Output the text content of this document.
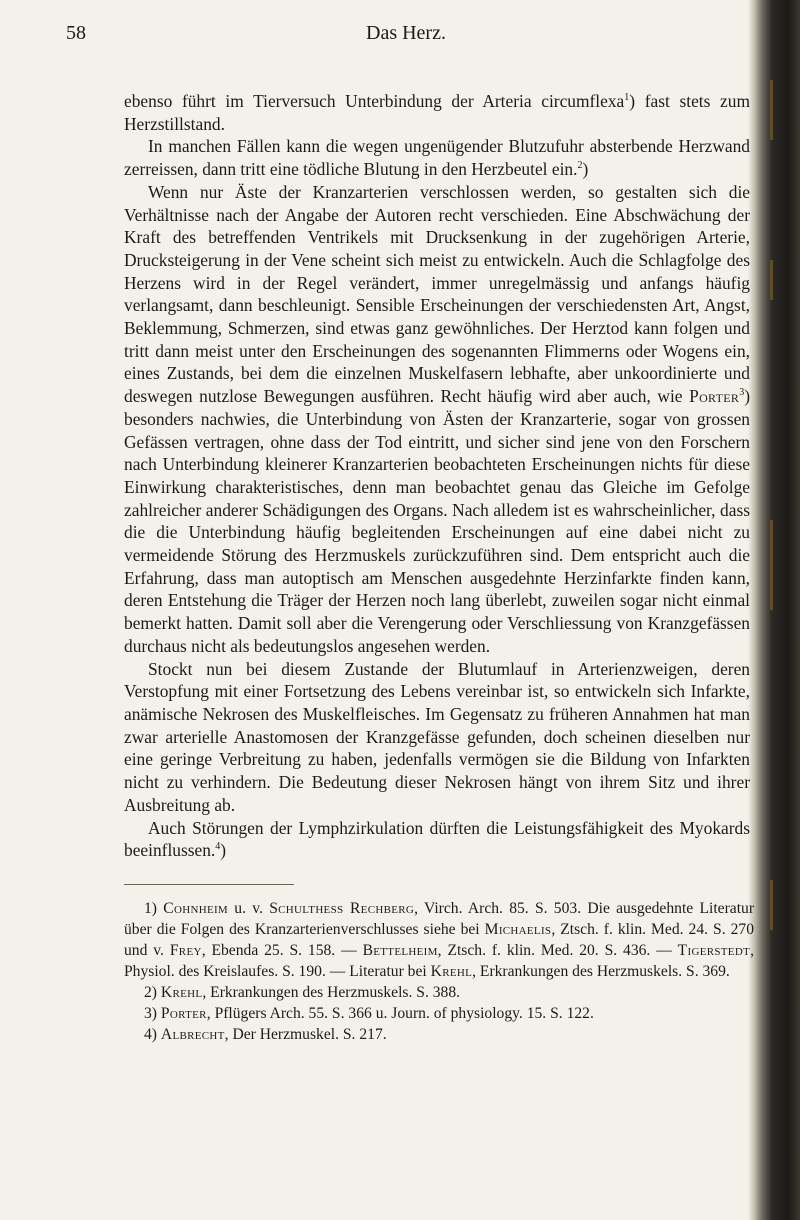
58	Das Herz.

ebenso führt im Tierversuch Unterbindung der Arteria circumflexa$^1$) fast stets zum Herzstillstand.

In manchen Fällen kann die wegen ungenügender Blutzufuhr absterbende Herzwand zerreissen, dann tritt eine tödliche Blutung in den Herzbeutel ein.$^2$)

Wenn nur Äste der Kranzarterien verschlossen werden, so gestalten sich die Verhältnisse nach der Angabe der Autoren recht verschieden. Eine Abschwächung der Kraft des betreffenden Ventrikels mit Drucksenkung in der zugehörigen Arterie, Drucksteigerung in der Vene scheint sich meist zu entwickeln. Auch die Schlagfolge des Herzens wird in der Regel verändert, immer unregelmässig und anfangs häufig verlangsamt, dann beschleunigt. Sensible Erscheinungen der verschiedensten Art, Angst, Beklemmung, Schmerzen, sind etwas ganz gewöhnliches. Der Herztod kann folgen und tritt dann meist unter den Erscheinungen des sogenannten Flimmerns oder Wogens ein, eines Zustands, bei dem die einzelnen Muskelfasern lebhafte, aber unkoordinierte und deswegen nutzlose Bewegungen ausführen. Recht häufig wird aber auch, wie Porter$^3$) besonders nachwies, die Unterbindung von Ästen der Kranzarterie, sogar von grossen Gefässen vertragen, ohne dass der Tod eintritt, und sicher sind jene von den Forschern nach Unterbindung kleinerer Kranzarterien beobachteten Erscheinungen nichts für diese Einwirkung charakteristisches, denn man beobachtet genau das Gleiche im Gefolge zahlreicher anderer Schädigungen des Organs. Nach alledem ist es wahrscheinlicher, dass die die Unterbindung häufig begleitenden Erscheinungen auf eine dabei nicht zu vermeidende Störung des Herzmuskels zurückzuführen sind. Dem entspricht auch die Erfahrung, dass man autoptisch am Menschen ausgedehnte Herzinfarkte finden kann, deren Entstehung die Träger der Herzen noch lang überlebt, zuweilen sogar nicht einmal bemerkt hatten. Damit soll aber die Verengerung oder Verschliessung von Kranzgefässen durchaus nicht als bedeutungslos angesehen werden.

Stockt nun bei diesem Zustande der Blutumlauf in Arterienzweigen, deren Verstopfung mit einer Fortsetzung des Lebens vereinbar ist, so entwickeln sich Infarkte, anämische Nekrosen des Muskelfleisches. Im Gegensatz zu früheren Annahmen hat man zwar arterielle Anastomosen der Kranzgefässe gefunden, doch scheinen dieselben nur eine geringe Verbreitung zu haben, jedenfalls vermögen sie die Bildung von Infarkten nicht zu verhindern. Die Bedeutung dieser Nekrosen hängt von ihrem Sitz und ihrer Ausbreitung ab.

Auch Störungen der Lymphzirkulation dürften die Leistungsfähigkeit des Myokards beeinflussen.$^4$)

1) Cohnheim u. v. Schulthess Rechberg, Virch. Arch. 85. S. 503. Die ausgedehnte Literatur über die Folgen des Kranzarterienverschlusses siehe bei Michaelis, Ztsch. f. klin. Med. 24. S. 270 und v. Frey, Ebenda 25. S. 158. — Bettelheim, Ztsch. f. klin. Med. 20. S. 436. — Tigerstedt, Physiol. des Kreislaufes. S. 190. — Literatur bei Krehl, Erkrankungen des Herzmuskels. S. 369.

2) Krehl, Erkrankungen des Herzmuskels. S. 388.

3) Porter, Pflügers Arch. 55. S. 366 u. Journ. of physiology. 15. S. 122.

4) Albrecht, Der Herzmuskel. S. 217.
